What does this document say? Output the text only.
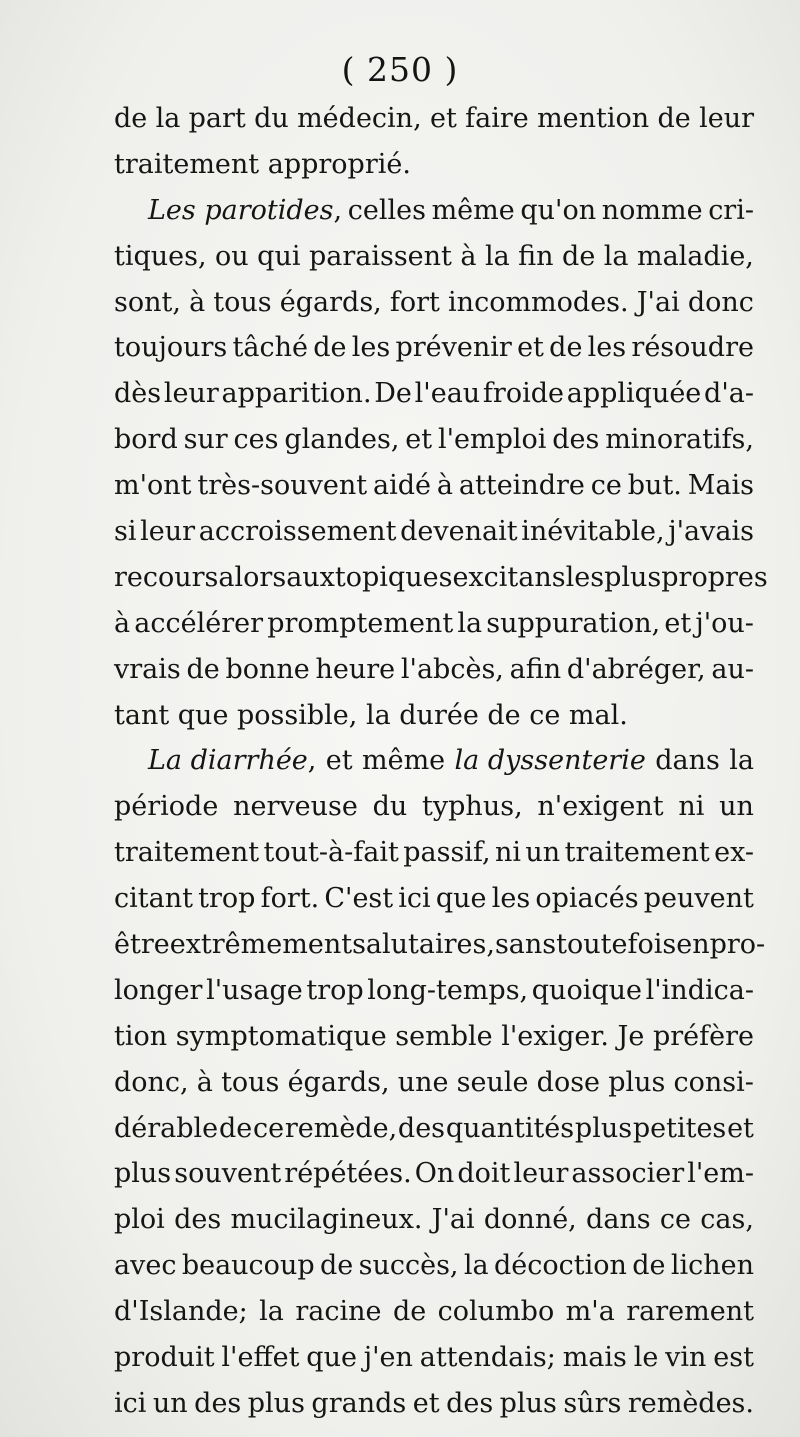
( 250 )
de la part du médecin, et faire mention de leur
traitement approprié.
Les parotides, celles même qu'on nomme cri-
tiques, ou qui paraissent à la fin de la maladie,
sont, à tous égards, fort incommodes. J'ai donc
toujours tâché de les prévenir et de les résoudre
dès leur apparition. De l'eau froide appliquée d'a-
bord sur ces glandes, et l'emploi des minoratifs,
m'ont très-souvent aidé à atteindre ce but. Mais
si leur accroissement devenait inévitable, j'avais
recours alors aux topiques excitans les plus propres
à accélérer promptement la suppuration, et j'ou-
vrais de bonne heure l'abcès, afin d'abréger, au-
tant que possible, la durée de ce mal.
La diarrhée, et même la dyssenterie dans la
période nerveuse du typhus, n'exigent ni un
traitement tout-à-fait passif, ni un traitement ex-
citant trop fort. C'est ici que les opiacés peuvent
être extrêmement salutaires, sans toutefois en pro-
longer l'usage trop long-temps, quoique l'indica-
tion symptomatique semble l'exiger. Je préfère
donc, à tous égards, une seule dose plus consi-
dérable de ce remède, des quantités plus petites et
plus souvent répétées. On doit leur associer l'em-
ploi des mucilagineux. J'ai donné, dans ce cas,
avec beaucoup de succès, la décoction de lichen
d'Islande; la racine de columbo m'a rarement
produit l'effet que j'en attendais; mais le vin est
ici un des plus grands et des plus sûrs remèdes.
